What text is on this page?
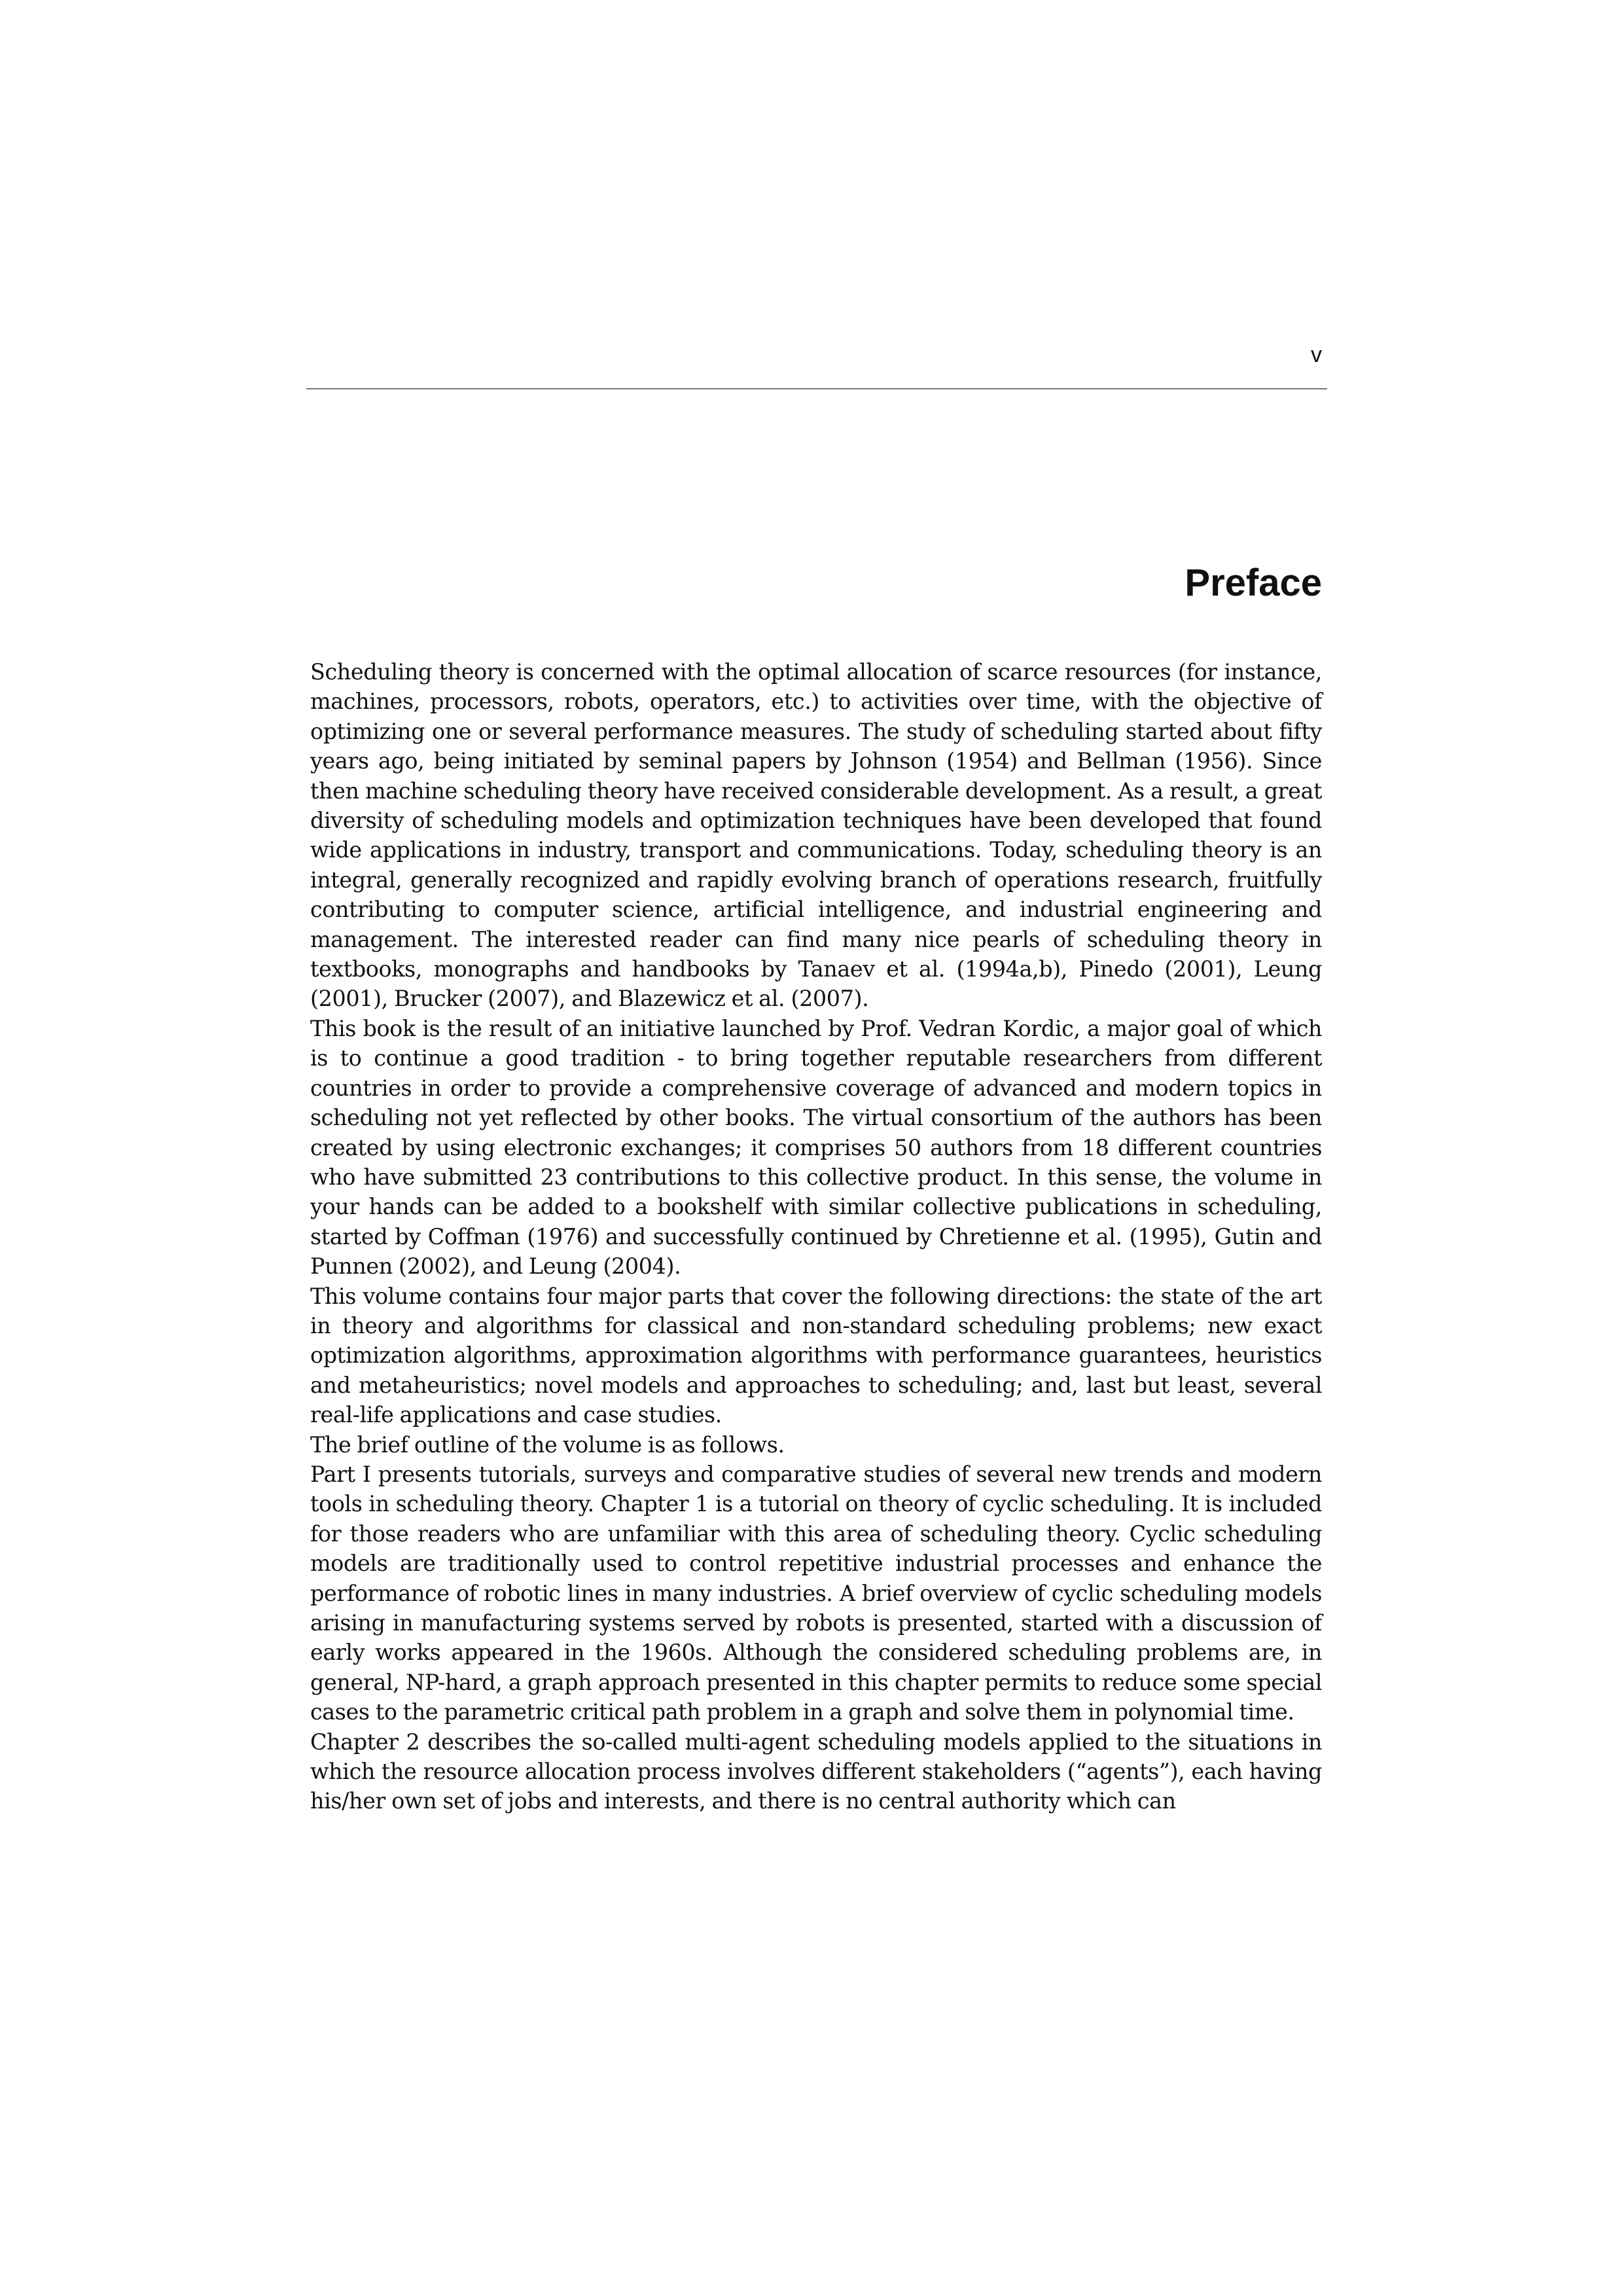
v
Preface

Scheduling theory is concerned with the optimal allocation of scarce resources (for instance, machines, processors, robots, operators, etc.) to activities over time, with the objective of optimizing one or several performance measures. The study of scheduling started about fifty years ago, being initiated by seminal papers by Johnson (1954) and Bellman (1956). Since then machine scheduling theory have received considerable development. As a result, a great diversity of scheduling models and optimization techniques have been developed that found wide applications in industry, transport and communications. Today, scheduling theory is an integral, generally recognized and rapidly evolving branch of operations research, fruitfully contributing to computer science, artificial intelligence, and industrial engineering and management. The interested reader can find many nice pearls of scheduling theory in textbooks, monographs and handbooks by Tanaev et al. (1994a,b), Pinedo (2001), Leung (2001), Brucker (2007), and Blazewicz et al. (2007).

This book is the result of an initiative launched by Prof. Vedran Kordic, a major goal of which is to continue a good tradition - to bring together reputable researchers from different countries in order to provide a comprehensive coverage of advanced and modern topics in scheduling not yet reflected by other books. The virtual consortium of the authors has been created by using electronic exchanges; it comprises 50 authors from 18 different countries who have submitted 23 contributions to this collective product. In this sense, the volume in your hands can be added to a bookshelf with similar collective publications in scheduling, started by Coffman (1976) and successfully continued by Chretienne et al. (1995), Gutin and Punnen (2002), and Leung (2004).

This volume contains four major parts that cover the following directions: the state of the art in theory and algorithms for classical and non-standard scheduling problems; new exact optimization algorithms, approximation algorithms with performance guarantees, heuristics and metaheuristics; novel models and approaches to scheduling; and, last but least, several real-life applications and case studies.

The brief outline of the volume is as follows.

Part I presents tutorials, surveys and comparative studies of several new trends and modern tools in scheduling theory. Chapter 1 is a tutorial on theory of cyclic scheduling. It is included for those readers who are unfamiliar with this area of scheduling theory. Cyclic scheduling models are traditionally used to control repetitive industrial processes and enhance the performance of robotic lines in many industries. A brief overview of cyclic scheduling models arising in manufacturing systems served by robots is presented, started with a discussion of early works appeared in the 1960s. Although the considered scheduling problems are, in general, NP-hard, a graph approach presented in this chapter permits to reduce some special cases to the parametric critical path problem in a graph and solve them in polynomial time.

Chapter 2 describes the so-called multi-agent scheduling models applied to the situations in which the resource allocation process involves different stakeholders (“agents”), each having his/her own set of jobs and interests, and there is no central authority which can
